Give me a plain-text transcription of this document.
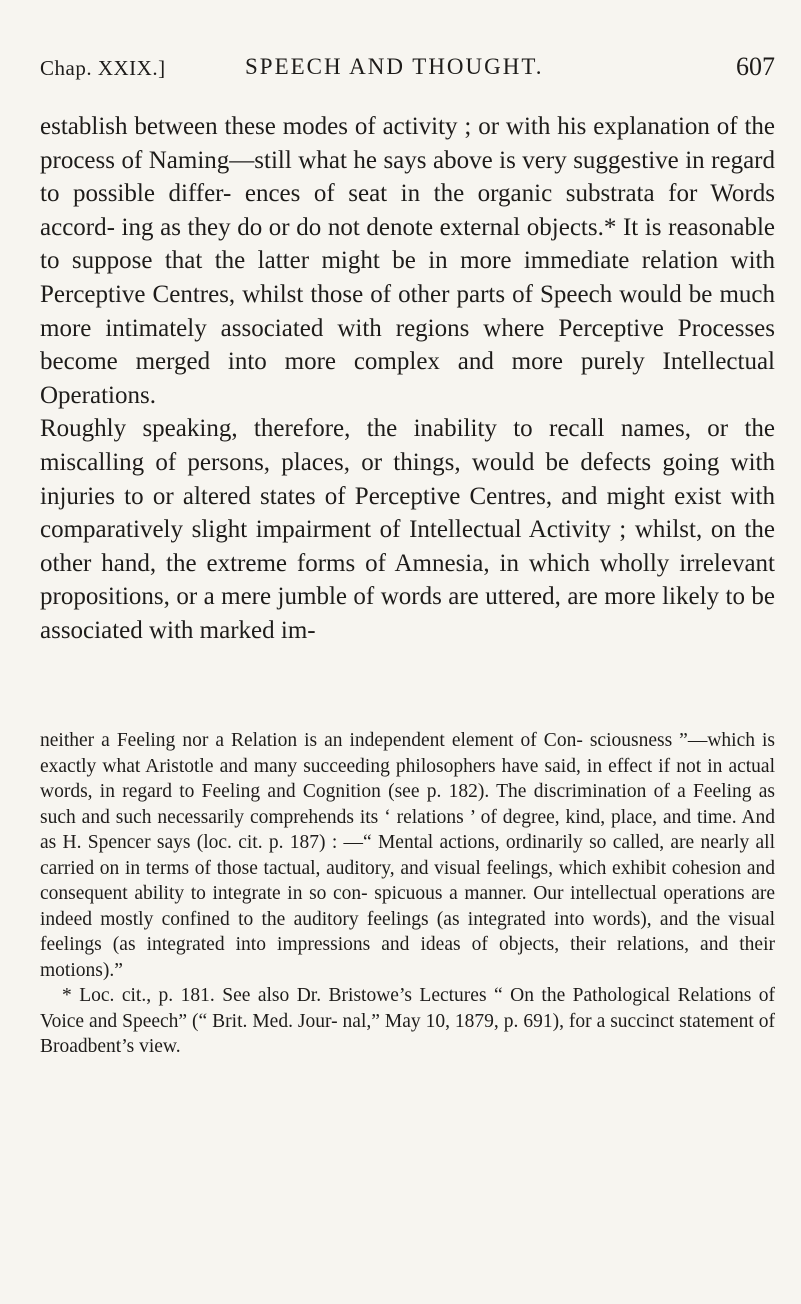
Chap. XXIX.]	SPEECH AND THOUGHT.	607

establish between these modes of activity ; or with his explanation of the process of Naming—still what he says above is very suggestive in regard to possible differ- ences of seat in the organic substrata for Words accord- ing as they do or do not denote external objects.* It is reasonable to suppose that the latter might be in more immediate relation with Perceptive Centres, whilst those of other parts of Speech would be much more intimately associated with regions where Perceptive Processes become merged into more complex and more purely Intellectual Operations.

Roughly speaking, therefore, the inability to recall names, or the miscalling of persons, places, or things, would be defects going with injuries to or altered states of Perceptive Centres, and might exist with comparatively slight impairment of Intellectual Activity ; whilst, on the other hand, the extreme forms of Amnesia, in which wholly irrelevant propositions, or a mere jumble of words are uttered, are more likely to be associated with marked im-

neither a Feeling nor a Relation is an independent element of Con- sciousness ”—which is exactly what Aristotle and many succeeding philosophers have said, in effect if not in actual words, in regard to Feeling and Cognition (see p. 182). The discrimination of a Feeling as such and such necessarily comprehends its ‘ relations ’ of degree, kind, place, and time. And as H. Spencer says (loc. cit. p. 187) : —“ Mental actions, ordinarily so called, are nearly all carried on in terms of those tactual, auditory, and visual feelings, which exhibit cohesion and consequent ability to integrate in so con- spicuous a manner. Our intellectual operations are indeed mostly confined to the auditory feelings (as integrated into words), and the visual feelings (as integrated into impressions and ideas of objects, their relations, and their motions).”

* Loc. cit., p. 181. See also Dr. Bristowe’s Lectures “ On the Pathological Relations of Voice and Speech” (“ Brit. Med. Jour- nal,” May 10, 1879, p. 691), for a succinct statement of Broadbent’s view.
